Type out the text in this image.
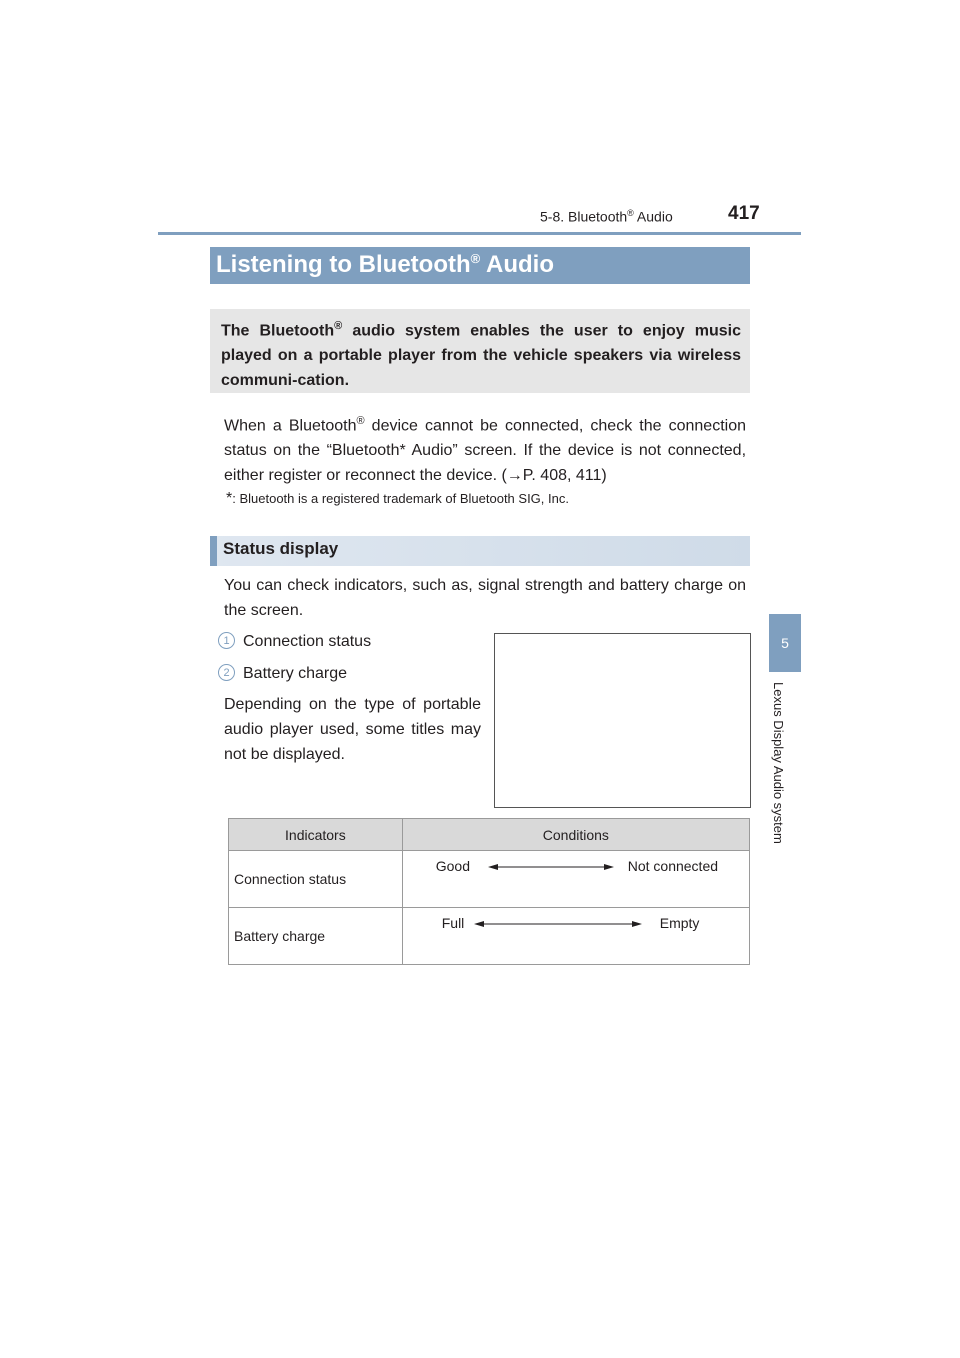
5-8. Bluetooth® Audio	417
5
Lexus Display Audio system
Listening to Bluetooth® Audio
The Bluetooth® audio system enables the user to enjoy music played on a portable player from the vehicle speakers via wireless communi-cation.
When a Bluetooth® device cannot be connected, check the connection status on the “Bluetooth* Audio” screen. If the device is not connected, either register or reconnect the device. (→P. 408, 411)
*: Bluetooth is a registered trademark of Bluetooth SIG, Inc.
Status display
You can check indicators, such as, signal strength and battery charge on the screen.
1 Connection status
2 Battery charge
Depending on the type of portable audio player used, some titles may not be displayed.
Indicators	Conditions
Connection status	Good Not connected

Battery charge	Full Empty
